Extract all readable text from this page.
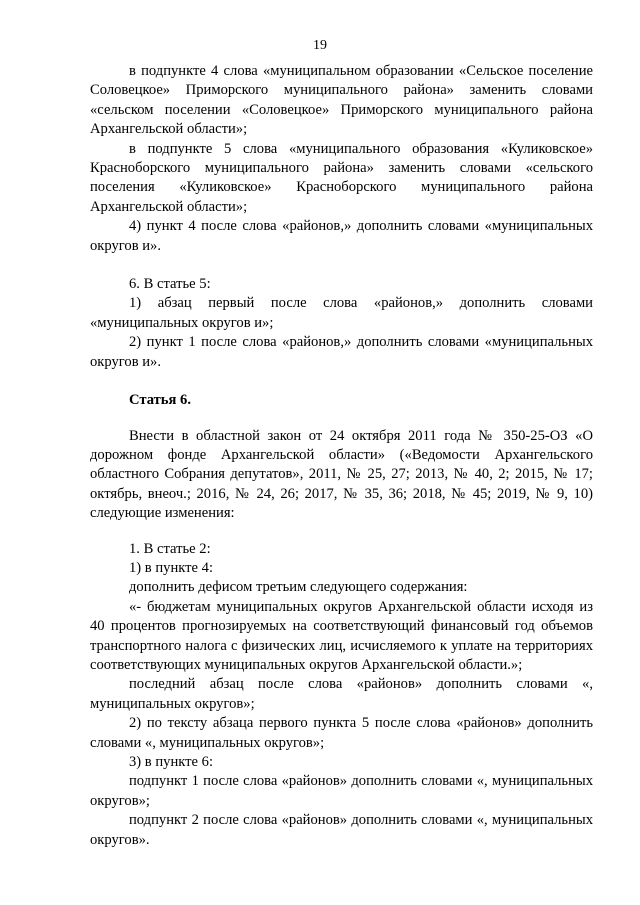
19

в подпункте 4 слова «муниципальном образовании «Сельское поселение Соловецкое» Приморского муниципального района» заменить словами «сельском поселении «Соловецкое» Приморского муниципального района Архангельской области»;

в подпункте 5 слова «муниципального образования «Куликовское» Красноборского муниципального района» заменить словами «сельского поселения «Куликовское» Красноборского муниципального района Архангельской области»;

4) пункт 4 после слова «районов,» дополнить словами «муниципальных округов и».

6. В статье 5:

1) абзац первый после слова «районов,» дополнить словами «муниципальных округов и»;

2) пункт 1 после слова «районов,» дополнить словами «муниципальных округов и».

Статья 6.

Внести в областной закон от 24 октября 2011 года № 350-25-ОЗ «О дорожном фонде Архангельской области» («Ведомости Архангельского областного Собрания депутатов», 2011, № 25, 27; 2013, № 40, 2; 2015, № 17; октябрь, внеоч.; 2016, № 24, 26; 2017, № 35, 36; 2018, № 45; 2019, № 9, 10) следующие изменения:

1. В статье 2:

1) в пункте 4:

дополнить дефисом третьим следующего содержания:

«- бюджетам муниципальных округов Архангельской области исходя из 40 процентов прогнозируемых на соответствующий финансовый год объемов транспортного налога с физических лиц, исчисляемого к уплате на территориях соответствующих муниципальных округов Архангельской области.»;

последний абзац после слова «районов» дополнить словами «, муниципальных округов»;

2) по тексту абзаца первого пункта 5 после слова «районов» дополнить словами «, муниципальных округов»;

3) в пункте 6:

подпункт 1 после слова «районов» дополнить словами «, муниципальных округов»;

подпункт 2 после слова «районов» дополнить словами «, муниципальных округов».
